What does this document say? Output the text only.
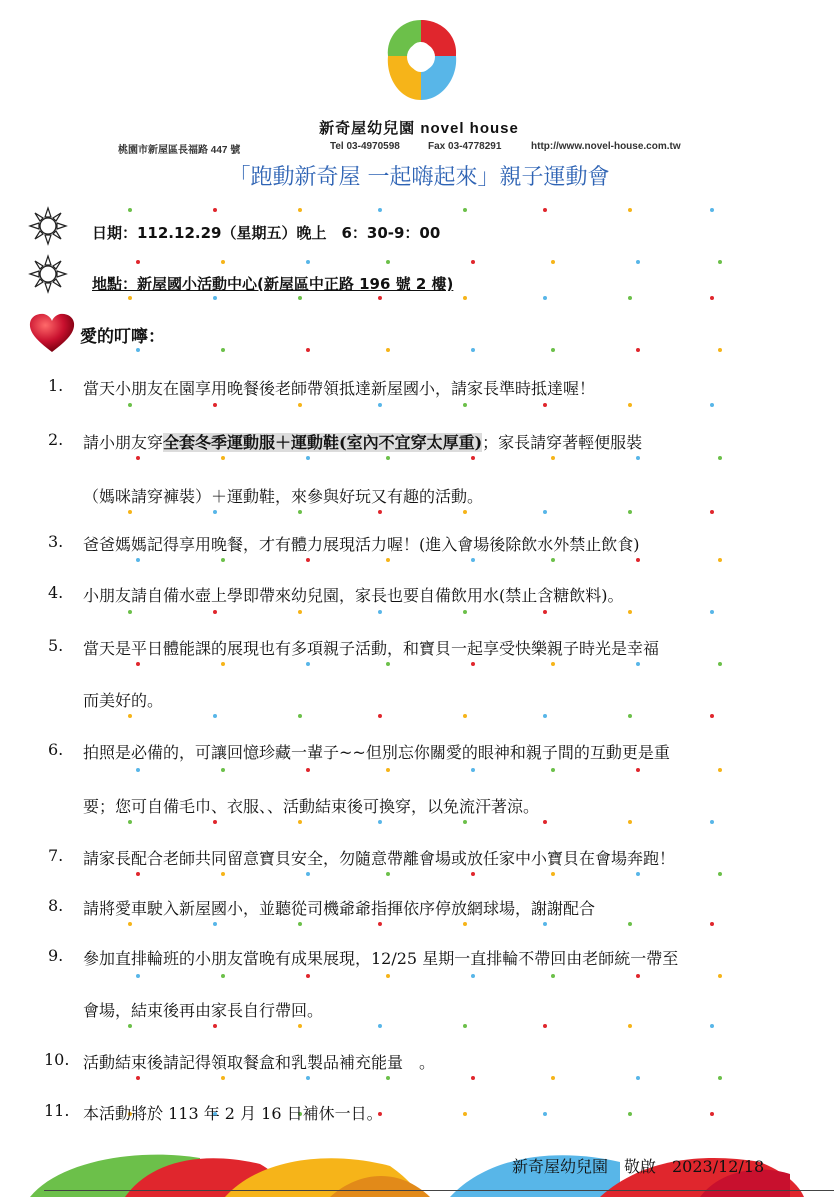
新奇屋幼兒園 novel house
桃園市新屋區長福路 447 號	Tel 03-4970598	Fax 03-4778291	http://www.novel-house.com.tw
「跑動新奇屋 一起嗨起來」親子運動會
日期：112.12.29（星期五）晚上　6：30-9：00
地點：新屋國小活動中心(新屋區中正路 196 號 2 樓)
愛的叮嚀：
1.	當天小朋友在園享用晚餐後老師帶領抵達新屋國小，請家長準時抵達喔！
2.	請小朋友穿全套冬季運動服＋運動鞋(室內不宜穿太厚重)；家長請穿著輕便服裝
（媽咪請穿褲裝）＋運動鞋，來參與好玩又有趣的活動。
3.	爸爸媽媽記得享用晚餐，才有體力展現活力喔！(進入會場後除飲水外禁止飲食)
4.	小朋友請自備水壺上學即帶來幼兒園，家長也要自備飲用水(禁止含糖飲料)。
5.	當天是平日體能課的展現也有多項親子活動，和寶貝一起享受快樂親子時光是幸福
而美好的。
6.	拍照是必備的，可讓回憶珍藏一輩子~~但別忘你關愛的眼神和親子間的互動更是重
要；您可自備毛巾、衣服、、活動結束後可換穿，以免流汗著涼。
7.	請家長配合老師共同留意寶貝安全，勿隨意帶離會場或放任家中小寶貝在會場奔跑！
8.	請將愛車駛入新屋國小，並聽從司機爺爺指揮依序停放網球場，謝謝配合
9.	參加直排輪班的小朋友當晚有成果展現，12/25 星期一直排輪不帶回由老師統一帶至
會場，結束後再由家長自行帶回。
10. 活動結束後請記得領取餐盒和乳製品補充能量　。
11. 本活動將於 113 年 2 月 16 日補休一日。
新奇屋幼兒園　敬啟　2023/12/18
